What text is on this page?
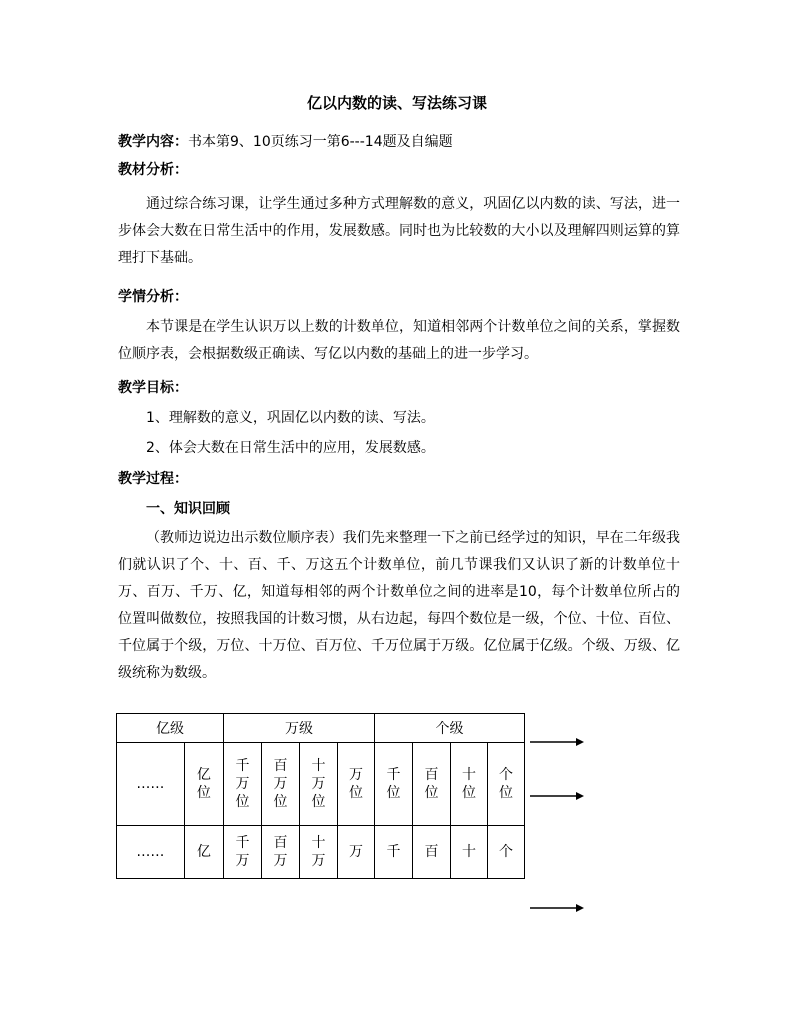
亿以内数的读、写法练习课
教学内容：书本第9、10页练习一第6---14题及自编题
教材分析：
通过综合练习课，让学生通过多种方式理解数的意义，巩固亿以内数的读、写法，进一步体会大数在日常生活中的作用，发展数感。同时也为比较数的大小以及理解四则运算的算理打下基础。
学情分析：
本节课是在学生认识万以上数的计数单位，知道相邻两个计数单位之间的关系，掌握数位顺序表，会根据数级正确读、写亿以内数的基础上的进一步学习。
教学目标：
1、理解数的意义，巩固亿以内数的读、写法。
2、体会大数在日常生活中的应用，发展数感。
教学过程：
一、知识回顾
（教师边说边出示数位顺序表）我们先来整理一下之前已经学过的知识，早在二年级我们就认识了个、十、百、千、万这五个计数单位，前几节课我们又认识了新的计数单位十万、百万、千万、亿，知道每相邻的两个计数单位之间的进率是10，每个计数单位所占的位置叫做数位，按照我国的计数习惯，从右边起，每四个数位是一级，个位、十位、百位、千位属于个级，万位、十万位、百万位、千万位属于万级。亿位属于亿级。个级、万级、亿级统称为数级。
亿级		万级				个级			
……	亿位	千万位	百万位	十万位	万位	千位	百位	十位	个位
……	亿	千万	百万	十万	万	千	百	十	个
